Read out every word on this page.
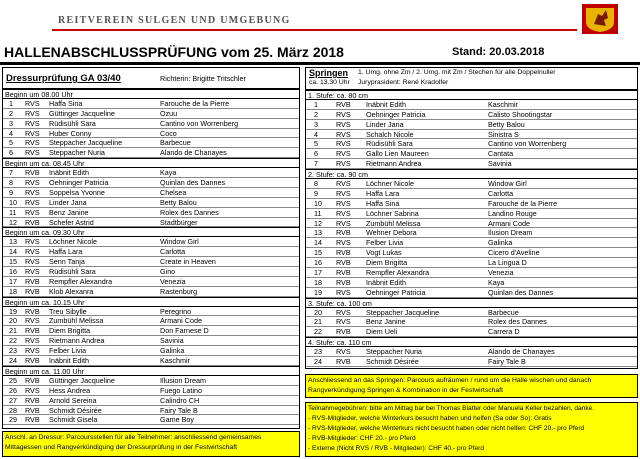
REITVEREIN SULGEN UND UMGEBUNG
HALLENABSCHLUSSPRÜFUNG vom 25. März 2018	Stand: 20.03.2018
Dressurprüfung GA 03/40	Richterin: Brigitte Tritschler
Beginn um 08.00 Uhr
1	RVS Haffa Sina	Farouche de la Pierre
2	RVS Güttinger Jacqueline	Ozuu
3	RVS Rüdisühli Sara	Cantino von Worrenberg
4	RVS Huber Conny	Coco
5	RVS Steppacher Jacqueline	Barbecue
6	RVS Steppacher Nuria	Alando de Chanayes
Beginn um ca. 08.45 Uhr
7	RVB Inäbnit Edith	Kaya
8	RVS Oehninger Patricia	Quinlan des Dannes
9	RVS Soppelsa Yvonne	Chelsea
10	RVS Linder Jana	Betty Balou
11	RVS Benz Janine	Rolex des Dannes
12	RVB Schefer Astrid	Stadtbürger
Beginn um ca. 09.30 Uhr
13	RVS Löchner Nicole	Window Girl
14	RVS Haffa Lara	Carlotta
15	RVS Senn Tanja	Create in Heaven
16	RVS Rüdisühli Sara	Gino
17	RVB Rempfler Alexandra	Venezia
18	RVB Klob Alexanra	Rastenburg
Beginn um ca. 10.15 Uhr
19	RVB Treu Sibylle	Peregrino
20	RVS Zumbühl Melissa	Armani Code
21	RVB Diem Brigitta	Don Farnese D
22	RVS Rietmann Andrea	Savinia
23	RVS Felber Livia	Galinka
24	RVB Inäbnit Edith	Kaschmir
Beginn um ca. 11.00 Uhr
25	RVB Güttinger Jacqueline	Illusion Dream
26	RVS Hess Andrea	Fuego Latino
27	RVB Arnold Sereina	Calindro CH
28	RVB Schmidt Désirée	Fairy Tale B
29	RVB Schmidt Gisela	Game Boy
Anschl. an Dressur: Parcoursstellen für alle Teilnehmer: anschliessend gemeinsames
Mittagessen und Rangverkündigung der Dressurprüfung in der Festwirtschaft
Springen 1. Umg. ohne Zm / 2. Umg. mit Zm / Stechen für alle Doppelnuller
ca. 13.30 Uhr Juryprasident: René Kradolfer
1. Stufe: ca. 80 cm
1	RVB Inäbnit Edith	Kaschmir
2	RVS Oehninger Patricia	Calisto Shootingstar
3	RVS Linder Jana	Betty Balou
4	RVS Schalch Nicole	Sinistra S
5	RVS Rüdisühli Sara	Cantino von Worrenberg
6	RVS Gallo Lien Maureen	Cantata
7	RVS Rietmann Andrea	Savinia
2. Stufe: ca. 90 cm
8	RVS Löchner Nicole	Window Girl
9	RVS Haffa Lara	Carlotta
10 RVS Haffa Sina	Farouche de la Pierre
11 RVS Löchner Sabrina	Landino Rouge
12 RVS Zumbühl Melissa	Armani Code
13 RVB Wehner Debora	Ilusion Dream
14 RVS Felber Livia	Galinka
15 RVB Vogt Lukas	Cicero d'Aveline
16 RVB Diem Brigitta	La Lingua D
17 RVB Rempfler Alexandra	Venezia
18 RVB Inäbnit Edith	Kaya
19 RVS Oehninger Patricia	Quinlan des Dannes
3. Stufe: ca. 100 cm
20 RVS Steppacher Jacqueline	Barbecue
21 RVS Benz Janine	Rolex des Dannes
22 RVB Diem Ueli	Carrera D
4. Stufe: ca. 110 cm
23 RVS Steppacher Nuria	Alando de Chanayes
24 RVB Schmidt Désirée	Fairy Tale B
Anschliessend an das Springen: Parcours aufräumen / rund um die Halle wischen und danach
Rangverkündigung Springen & Kombination in der Festwirtschaft
Teilnahmegebühren: bitte am Mittag bar bei Thomas Blatter oder Manuela Keller bezahlen, danke.
- RVS-Mitglieder, welche Winterkurs besucht haben und helfen (Sa oder So): Gratis
- RVS-Mitglieder, welche Winterkurs nicht besucht haben oder nicht helfen: CHF 20.- pro Pferd
- RVB-Mitglieder: CHF 20.- pro Pferd
- Externe (Nicht RVS / RVB - Mitglieder): CHF 40.- pro Pferd
